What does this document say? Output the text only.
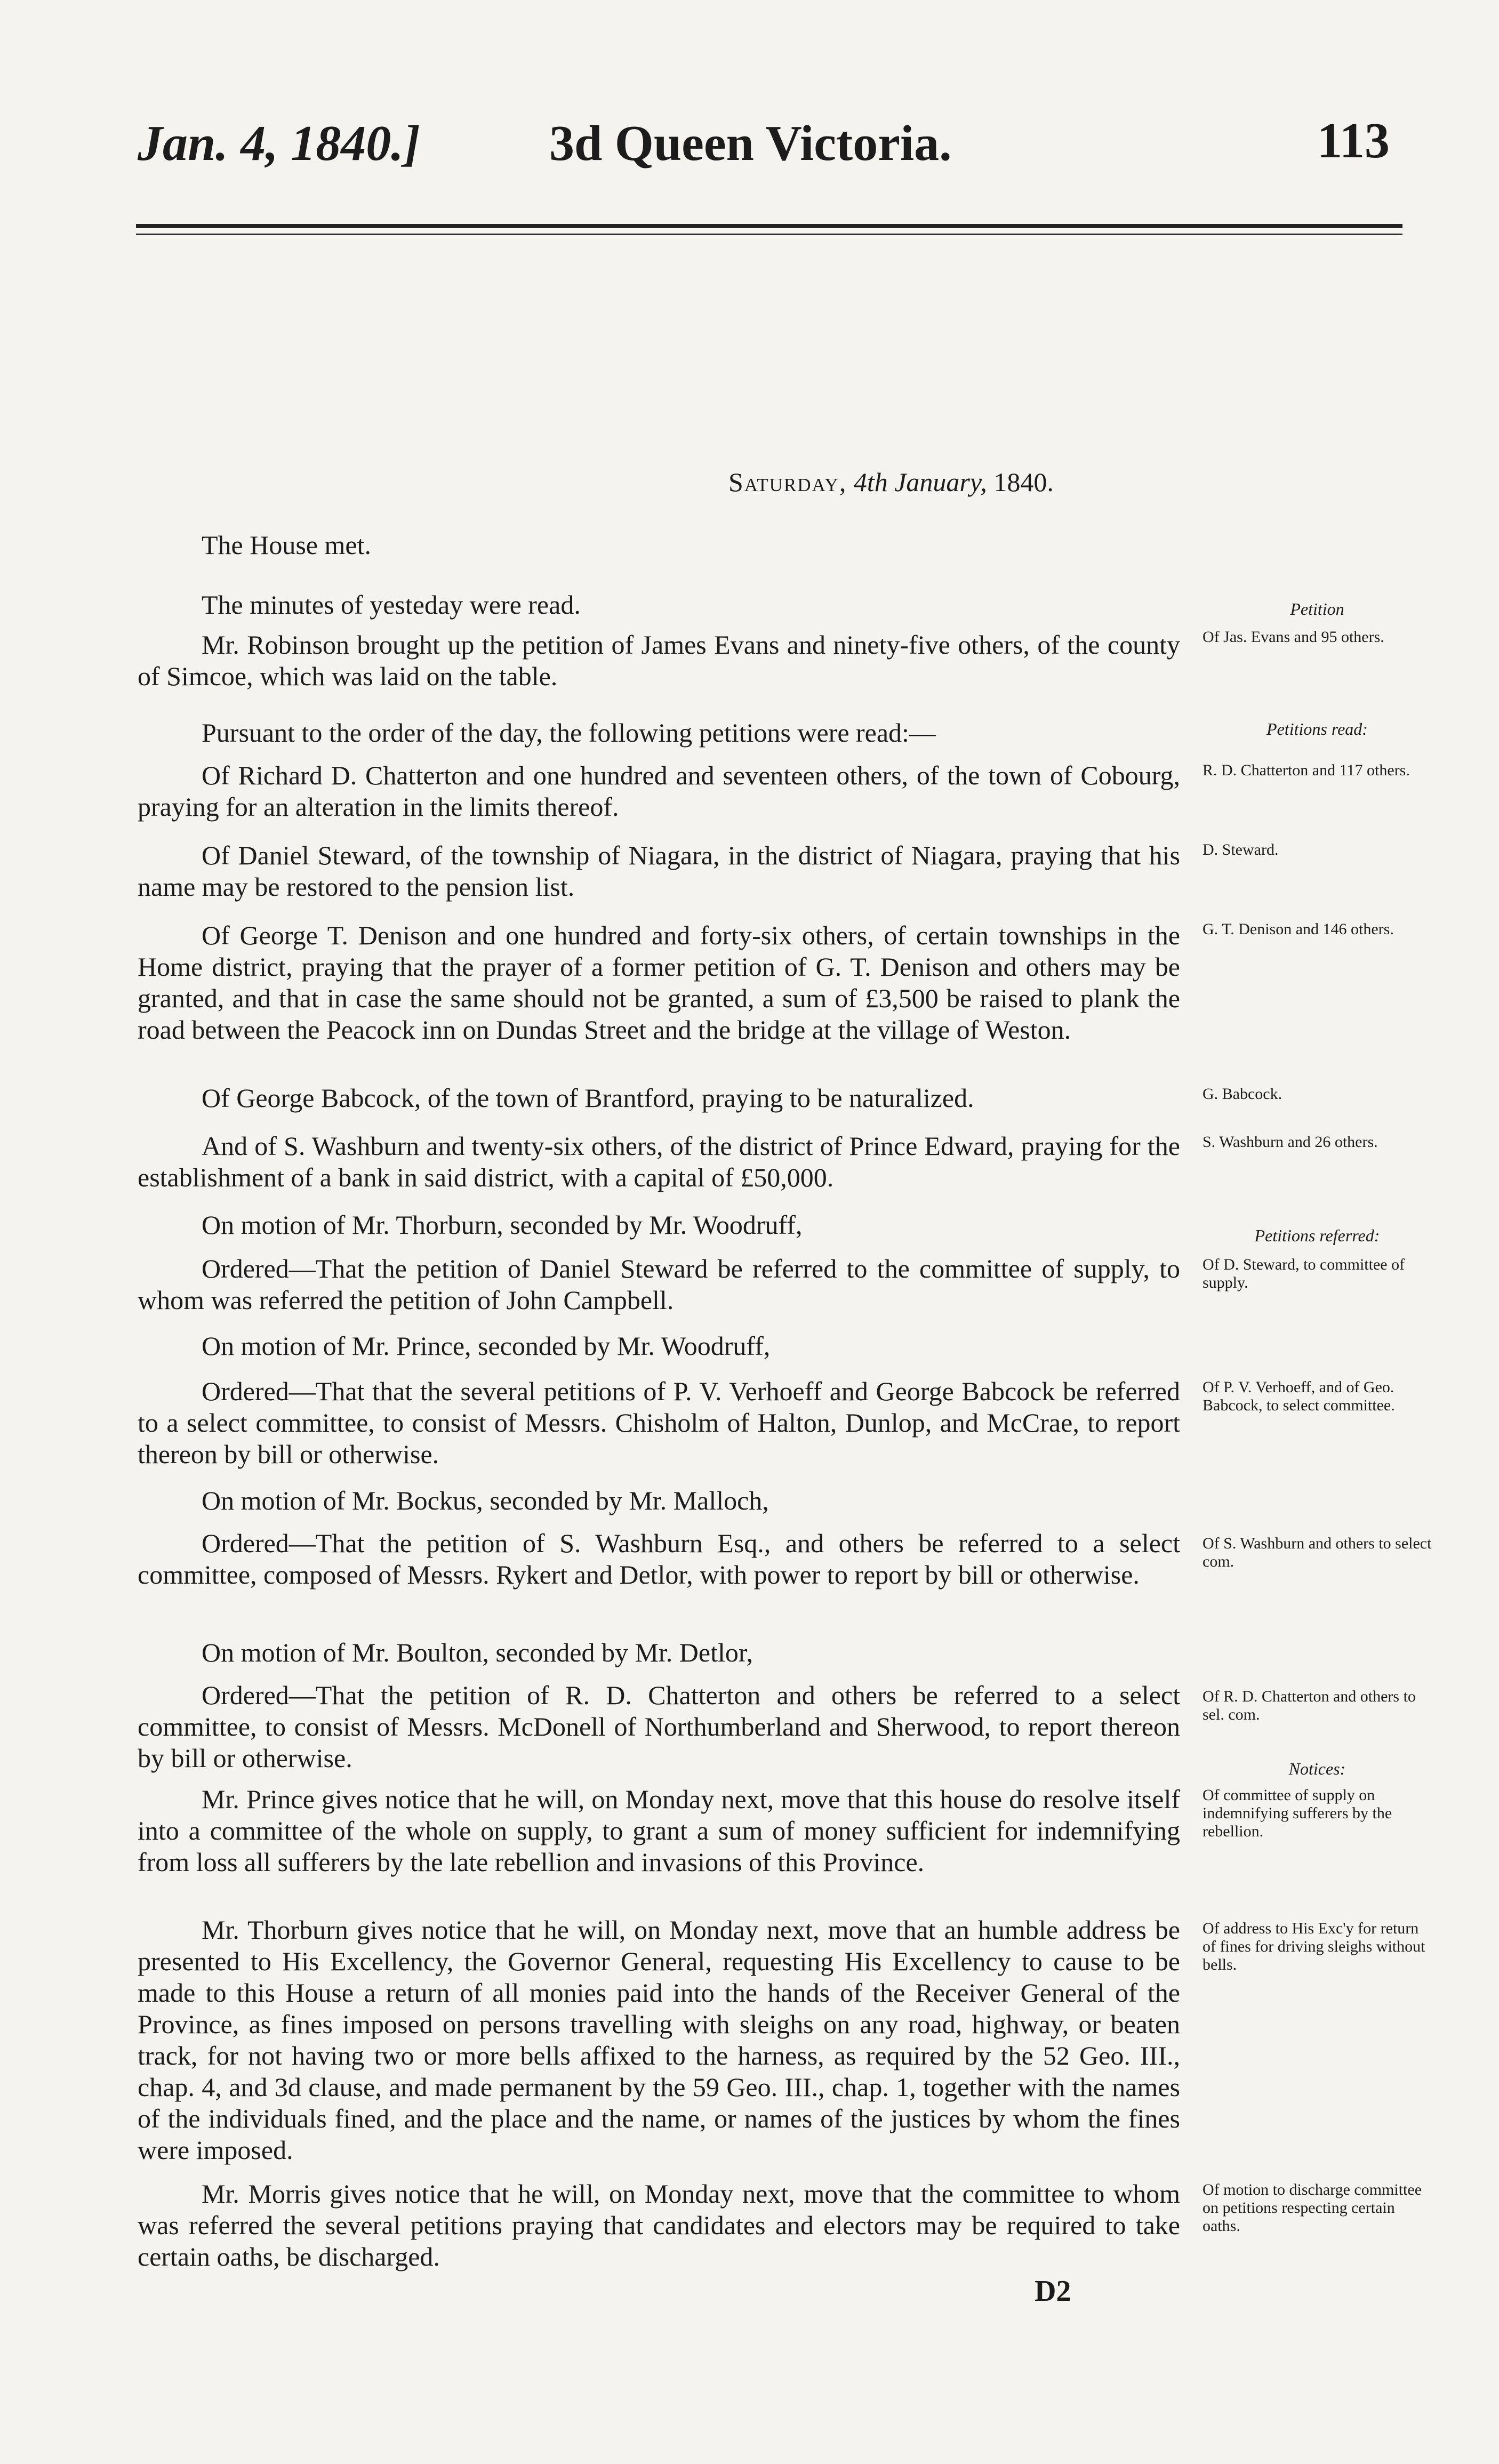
Jan. 4, 1840.]	3d Queen Victoria.	113
Saturday, 4th January, 1840.

The House met.

The minutes of yesteday were read.

Mr. Robinson brought up the petition of James Evans and ninety-five others, of the county of Simcoe, which was laid on the table.

Pursuant to the order of the day, the following petitions were read:—

Of Richard D. Chatterton and one hundred and seventeen others, of the town of Cobourg, praying for an alteration in the limits thereof.

Of Daniel Steward, of the township of Niagara, in the district of Niagara, praying that his name may be restored to the pension list.

Of George T. Denison and one hundred and forty-six others, of certain townships in the Home district, praying that the prayer of a former petition of G. T. Denison and others may be granted, and that in case the same should not be granted, a sum of £3,500 be raised to plank the road between the Peacock inn on Dundas Street and the bridge at the village of Weston.

Of George Babcock, of the town of Brantford, praying to be naturalized.

And of S. Washburn and twenty-six others, of the district of Prince Edward, praying for the establishment of a bank in said district, with a capital of £50,000.

On motion of Mr. Thorburn, seconded by Mr. Woodruff,

Ordered—That the petition of Daniel Steward be referred to the committee of supply, to whom was referred the petition of John Campbell.

On motion of Mr. Prince, seconded by Mr. Woodruff,

Ordered—That that the several petitions of P. V. Verhoeff and George Babcock be referred to a select committee, to consist of Messrs. Chisholm of Halton, Dunlop, and McCrae, to report thereon by bill or otherwise.

On motion of Mr. Bockus, seconded by Mr. Malloch,

Ordered—That the petition of S. Washburn Esq., and others be referred to a select committee, composed of Messrs. Rykert and Detlor, with power to report by bill or otherwise.

On motion of Mr. Boulton, seconded by Mr. Detlor,

Ordered—That the petition of R. D. Chatterton and others be referred to a select committee, to consist of Messrs. McDonell of Northumberland and Sherwood, to report thereon by bill or otherwise.

Mr. Prince gives notice that he will, on Monday next, move that this house do resolve itself into a committee of the whole on supply, to grant a sum of money sufficient for indemnifying from loss all sufferers by the late rebellion and invasions of this Province.

Mr. Thorburn gives notice that he will, on Monday next, move that an humble address be presented to His Excellency, the Governor General, requesting His Excellency to cause to be made to this House a return of all monies paid into the hands of the Receiver General of the Province, as fines imposed on persons travelling with sleighs on any road, highway, or beaten track, for not having two or more bells affixed to the harness, as required by the 52 Geo. III., chap. 4, and 3d clause, and made permanent by the 59 Geo. III., chap. 1, together with the names of the individuals fined, and the place and the name, or names of the justices by whom the fines were imposed.

Mr. Morris gives notice that he will, on Monday next, move that the committee to whom was referred the several petitions praying that candidates and electors may be required to take certain oaths, be discharged.

Petition
Of Jas. Evans and 95 others.
Petitions read:
R. D. Chatterton and 117 others.
D. Steward.
G. T. Denison and 146 others.
G. Babcock.
S. Washburn and 26 others.
Petitions referred:
Of D. Steward, to committee of supply.
Of P. V. Verhoeff, and of Geo. Babcock, to select committee.
Of S. Washburn and others to select com.
Of R. D. Chatterton and others to sel. com.
Notices:
Of committee of supply on indemnifying sufferers by the rebellion.
Of address to His Exc'y for return of fines for driving sleighs without bells.
Of motion to discharge committee on petitions respecting certain oaths.
D2
